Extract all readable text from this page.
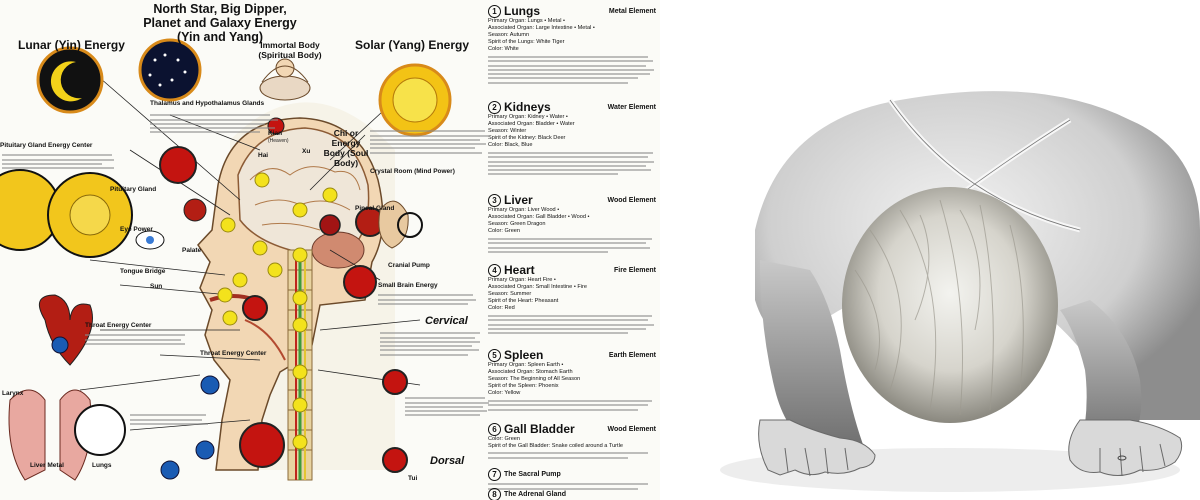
North Star, Big Dipper,
Planet and Galaxy Energy
(Yin and Yang)
Lunar (Yin) Energy	Solar (Yang) Energy
Immortal Body (Spiritual Body)
Chi or Energy Body (Soul Body)
Thalamus and Hypothalamus Glands
Pituitary Gland Energy Center
Pituitary Gland
Kian
(Heaven)
Hai
Xu
Palate
Sun
Eye Power
Tongue Bridge
Throat Energy Center
Throat Energy Center
Cervical
Dorsal
Larynx
Liver Metal	Lungs
Pineal Gland
Crystal Room (Mind Power)
Small Brain Energy
Cranial Pump
Tui
1 Lungs	Metal Element
Primary Organ: Lungs • Metal •
Associated Organ: Large Intestine • Metal •
Season: Autumn
Spirit of the Lungs: White Tiger
Color: White
2 Kidneys	Water Element
Primary Organ: Kidney • Water •
Associated Organ: Bladder • Water
Season: Winter
Spirit of the Kidney: Black Deer
Color: Black, Blue
3 Liver	Wood Element
Primary Organ: Liver Wood •
Associated Organ: Gall Bladder • Wood •
Season: Green Dragon
Color: Green
4 Heart	Fire Element
Primary Organ: Heart Fire •
Associated Organ: Small Intestine • Fire
Season: Summer
Spirit of the Heart: Pheasant
Color: Red
5 Spleen	Earth Element
Primary Organ: Spleen Earth •
Associated Organ: Stomach Earth
Season: The Beginning of All Season
Spirit of the Spleen: Phoenix
Color: Yellow
6 Gall Bladder	Wood Element
Color: Green
Spirit of the Gall Bladder: Snake coiled around a Turtle
7	The Sacral Pump
8	The Adrenal Gland
